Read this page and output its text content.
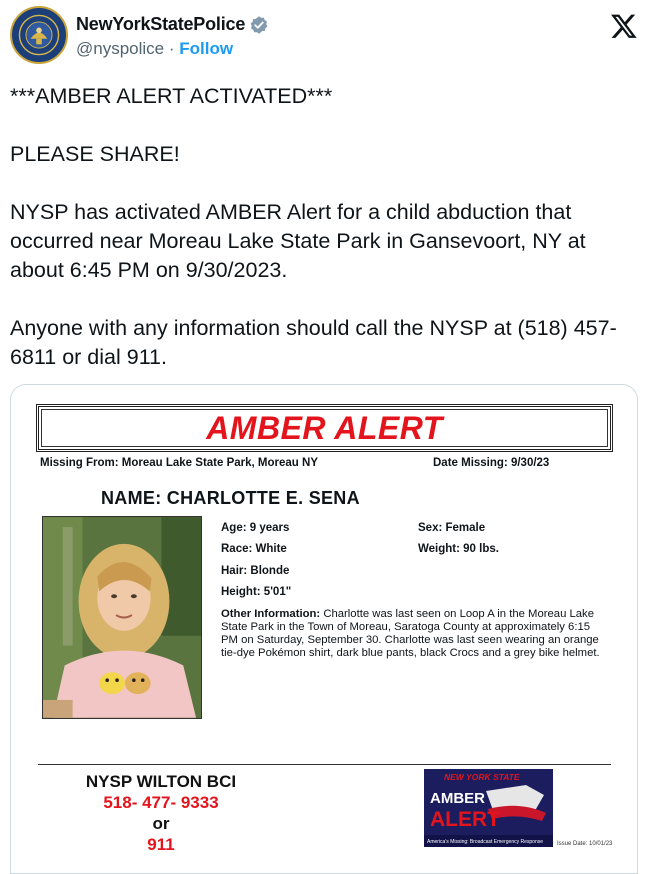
NewYorkStatePolice
@nyspolice · Follow

***AMBER ALERT ACTIVATED***

PLEASE SHARE!

NYSP has activated AMBER Alert for a child abduction that occurred near Moreau Lake State Park in Gansevoort, NY at about 6:45 PM on 9/30/2023.

Anyone with any information should call the NYSP at (518) 457-6811 or dial 911.

AMBER ALERT
Missing From: Moreau Lake State Park, Moreau NY	Date Missing: 9/30/23
NAME: CHARLOTTE E. SENA
Age: 9 years
Race: White
Hair: Blonde
Height: 5'01"
Sex: Female
Weight: 90 lbs.
Other Information: Charlotte was last seen on Loop A in the Moreau Lake State Park in the Town of Moreau, Saratoga County at approximately 6:15 PM on Saturday, September 30. Charlotte was last seen wearing an orange tie-dye Pokémon shirt, dark blue pants, black Crocs and a grey bike helmet.
NYSP WILTON BCI
518- 477- 9333
or
911
NEW YORK STATE
AMBER
ALERT
America's Missing: Broadcast Emergency Response Issue Date: 10/01/23
